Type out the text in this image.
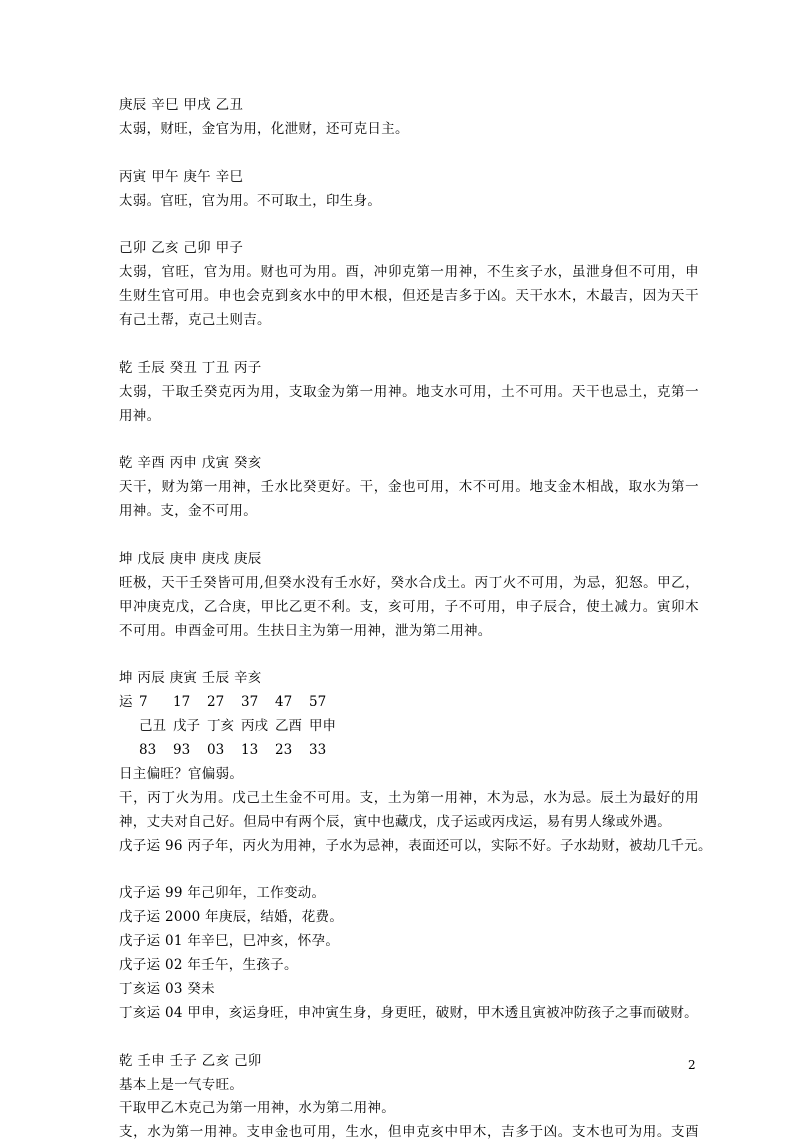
庚辰 辛巳 甲戌 乙丑
太弱，财旺，金官为用，化泄财，还可克日主。
丙寅 甲午 庚午 辛巳
太弱。官旺，官为用。不可取土，印生身。
己卯 乙亥 己卯 甲子
太弱，官旺，官为用。财也可为用。酉，冲卯克第一用神，不生亥子水，虽泄身但不可用，申
生财生官可用。申也会克到亥水中的甲木根，但还是吉多于凶。天干水木，木最吉，因为天干
有己土帮，克己土则吉。
乾 壬辰 癸丑 丁丑 丙子
太弱，干取壬癸克丙为用，支取金为第一用神。地支水可用，土不可用。天干也忌土，克第一
用神。
乾 辛酉 丙申 戊寅 癸亥
天干，财为第一用神，壬水比癸更好。干，金也可用，木不可用。地支金木相战，取水为第一
用神。支，金不可用。
坤 戊辰 庚申 庚戌 庚辰
旺极，天干壬癸皆可用,但癸水没有壬水好，癸水合戊土。丙丁火不可用，为忌，犯怒。甲乙，
甲冲庚克戊，乙合庚，甲比乙更不利。支，亥可用，子不可用，申子辰合，使土减力。寅卯木
不可用。申酉金可用。生扶日主为第一用神，泄为第二用神。
坤 丙辰 庚寅 壬辰 辛亥
运 7	17	27	37	47	57
己丑 戊子 丁亥 丙戌 乙酉 甲申
83	93	03	13	23	33
日主偏旺？官偏弱。
干，丙丁火为用。戊己土生金不可用。支，土为第一用神，木为忌，水为忌。辰土为最好的用
神，丈夫对自己好。但局中有两个辰，寅中也藏戊，戊子运或丙戌运，易有男人缘或外遇。
戊子运 96 丙子年，丙火为用神，子水为忌神，表面还可以，实际不好。子水劫财，被劫几千元。
戊子运 99 年己卯年，工作变动。
戊子运 2000 年庚辰，结婚，花费。
戊子运 01 年辛巳，巳冲亥，怀孕。
戊子运 02 年壬午，生孩子。
丁亥运 03 癸未
丁亥运 04 甲申，亥运身旺，申冲寅生身，身更旺，破财，甲木透且寅被冲防孩子之事而破财。
乾 壬申 壬子 乙亥 己卯
基本上是一气专旺。
干取甲乙木克己为第一用神，水为第二用神。
支，水为第一用神。支申金也可用，生水，但申克亥中甲木，吉多于凶。支木也可为用。支酉
2
